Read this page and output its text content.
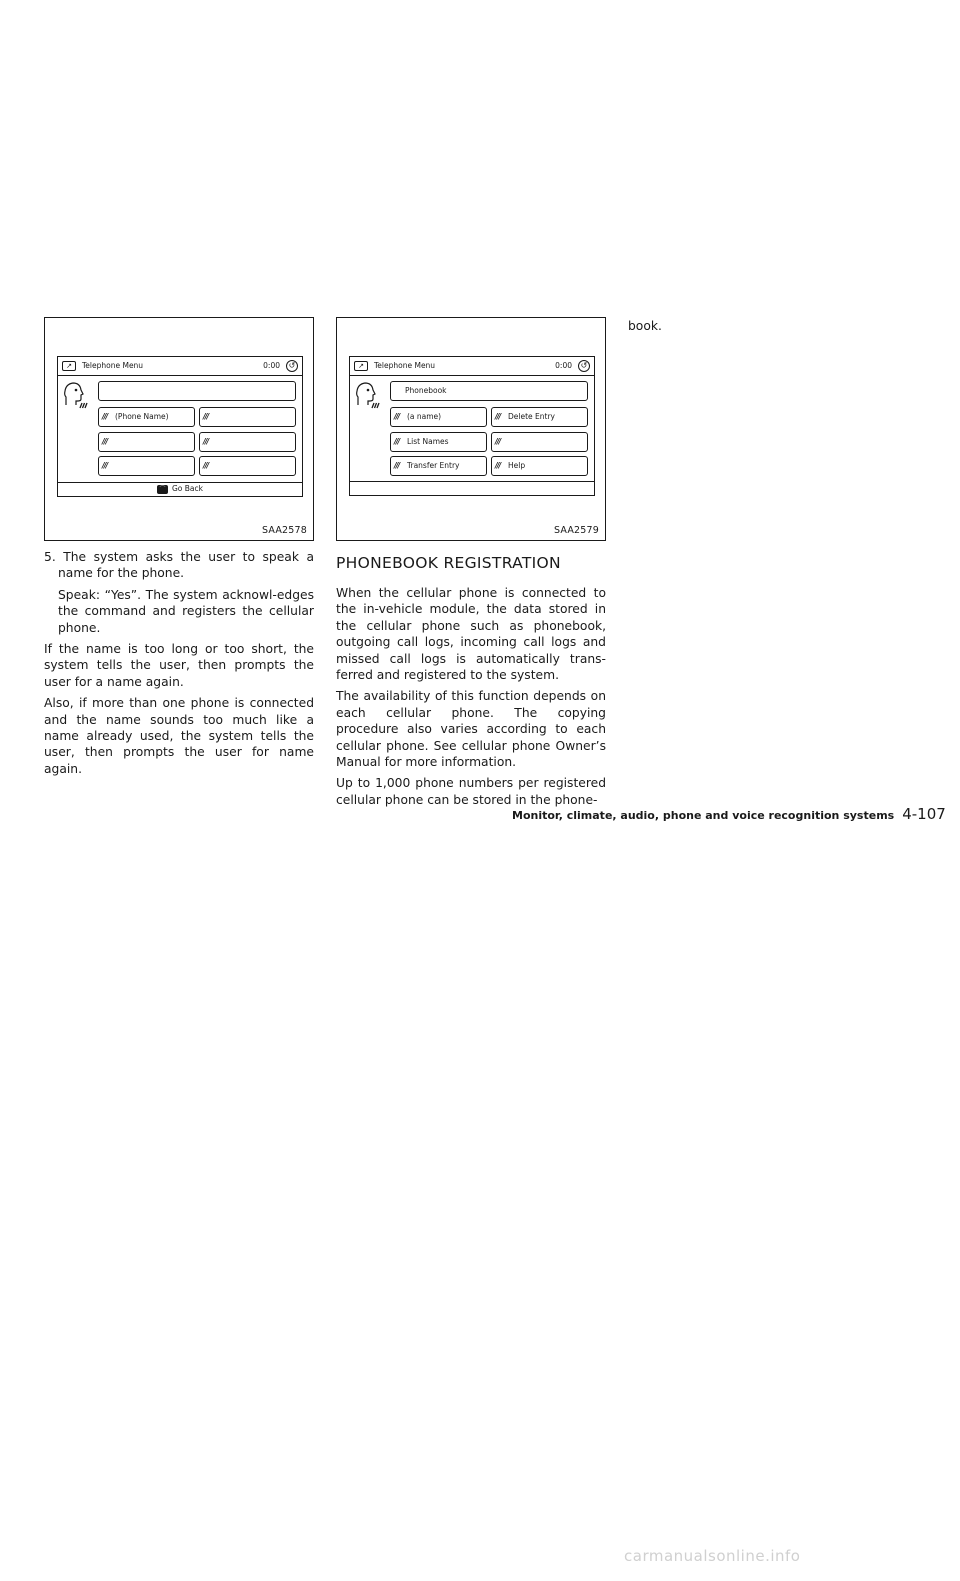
↗	Telephone Menu	0:00	↺
/// (Phone Name)	///
///	///
///	///
⌒ Go Back
SAA2578
↗	Telephone Menu	0:00	↺
Phonebook
/// (a name)	/// Delete Entry
/// List Names	///
/// Transfer Entry	/// Help
SAA2579

5. The system asks the user to speak a name for the phone.

Speak: “Yes”. The system acknowl-edges the command and registers the cellular phone.

If the name is too long or too short, the system tells the user, then prompts the user for a name again.

Also, if more than one phone is connected and the name sounds too much like a name already used, the system tells the user, then prompts the user for name again.

PHONEBOOK REGISTRATION

When the cellular phone is connected to the in-vehicle module, the data stored in the cellular phone such as phonebook, outgoing call logs, incoming call logs and missed call logs is automatically trans-ferred and registered to the system.

The availability of this function depends on each cellular phone. The copying procedure also varies according to each cellular phone. See cellular phone Owner’s Manual for more information.

Up to 1,000 phone numbers per registered cellular phone can be stored in the phone-

book.

Monitor, climate, audio, phone and voice recognition systems 4-107
carmanualsonline.info
